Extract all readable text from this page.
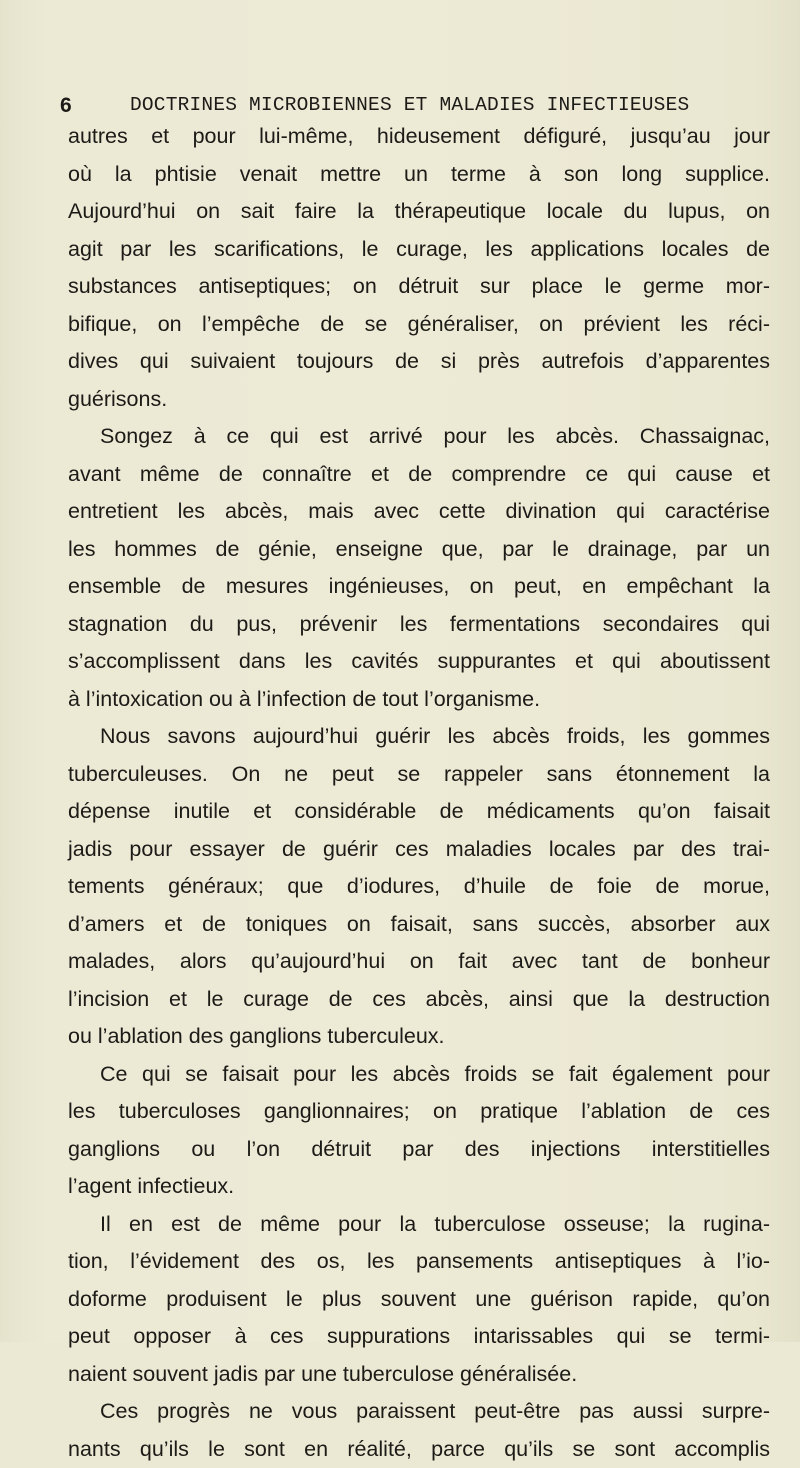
6	DOCTRINES MICROBIENNES ET MALADIES INFECTIEUSES
autres et pour lui-même, hideusement défiguré, jusqu’au jour
où la phtisie venait mettre un terme à son long supplice.
Aujourd’hui on sait faire la thérapeutique locale du lupus, on
agit par les scarifications, le curage, les applications locales de
substances antiseptiques; on détruit sur place le germe mor-
bifique, on l’empêche de se généraliser, on prévient les réci-
dives qui suivaient toujours de si près autrefois d’apparentes
guérisons.
Songez à ce qui est arrivé pour les abcès. Chassaignac,
avant même de connaître et de comprendre ce qui cause et
entretient les abcès, mais avec cette divination qui caractérise
les hommes de génie, enseigne que, par le drainage, par un
ensemble de mesures ingénieuses, on peut, en empêchant la
stagnation du pus, prévenir les fermentations secondaires qui
s’accomplissent dans les cavités suppurantes et qui aboutissent
à l’intoxication ou à l’infection de tout l’organisme.
Nous savons aujourd’hui guérir les abcès froids, les gommes
tuberculeuses. On ne peut se rappeler sans étonnement la
dépense inutile et considérable de médicaments qu’on faisait
jadis pour essayer de guérir ces maladies locales par des trai-
tements généraux; que d’iodures, d’huile de foie de morue,
d’amers et de toniques on faisait, sans succès, absorber aux
malades, alors qu’aujourd’hui on fait avec tant de bonheur
l’incision et le curage de ces abcès, ainsi que la destruction
ou l’ablation des ganglions tuberculeux.
Ce qui se faisait pour les abcès froids se fait également pour
les tuberculoses ganglionnaires; on pratique l’ablation de ces
ganglions ou l’on détruit par des injections interstitielles
l’agent infectieux.
Il en est de même pour la tuberculose osseuse; la rugina-
tion, l’évidement des os, les pansements antiseptiques à l’io-
doforme produisent le plus souvent une guérison rapide, qu’on
peut opposer à ces suppurations intarissables qui se termi-
naient souvent jadis par une tuberculose généralisée.
Ces progrès ne vous paraissent peut-être pas aussi surpre-
nants qu’ils le sont en réalité, parce qu’ils se sont accomplis
